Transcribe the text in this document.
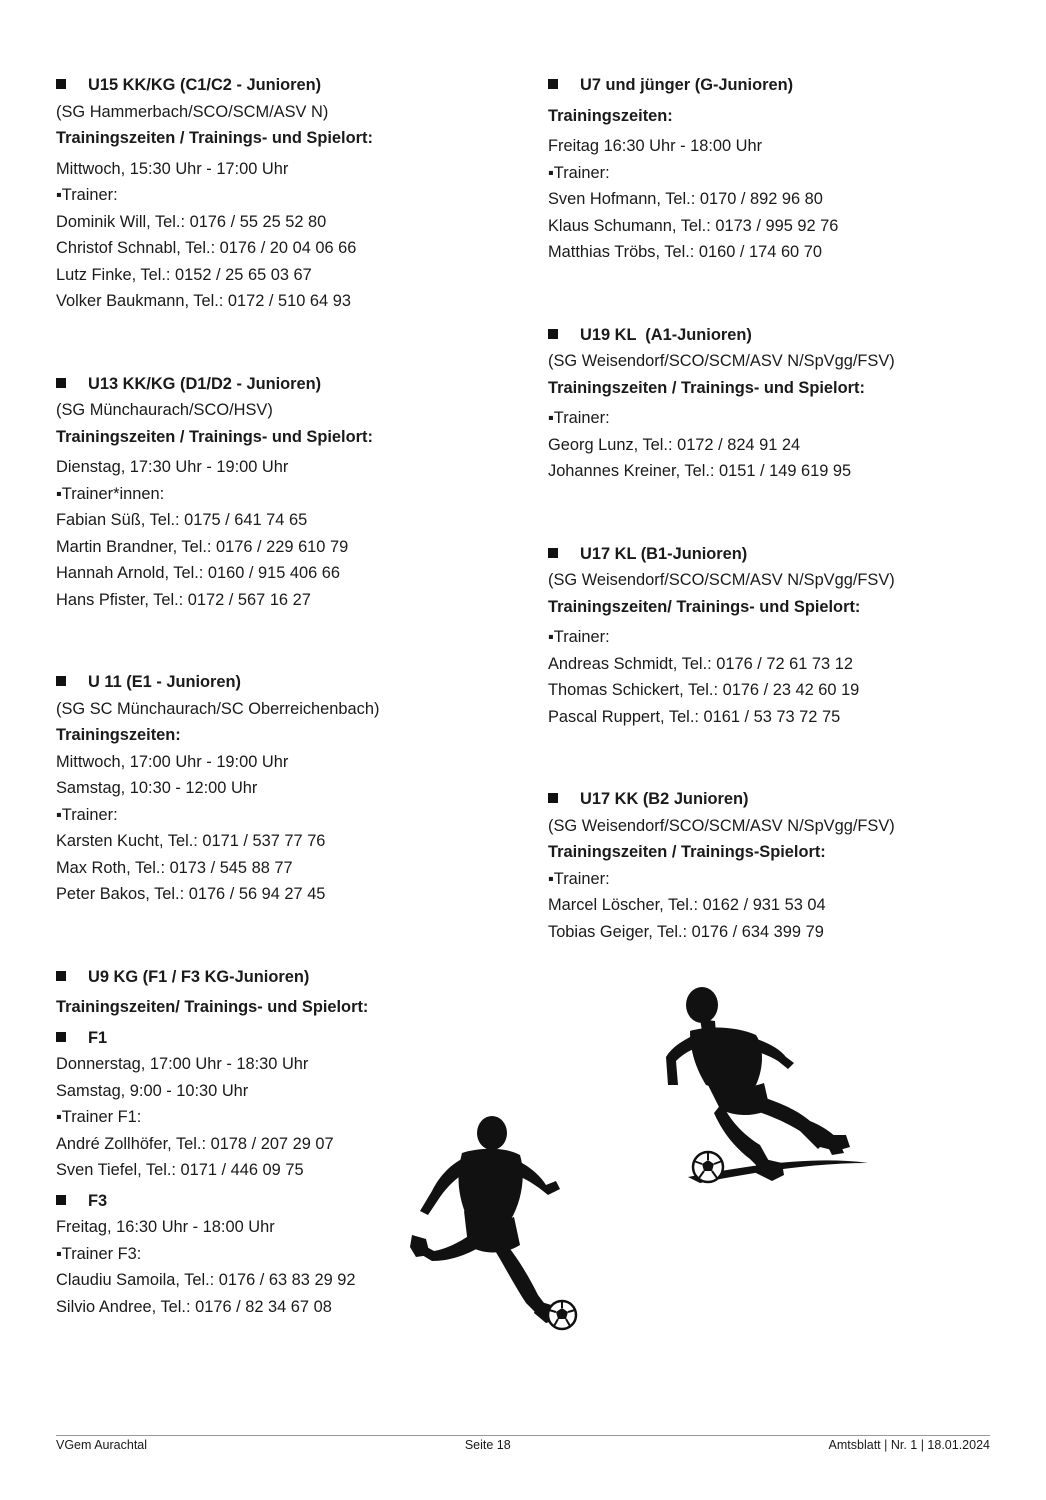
U15 KK/KG (C1/C2 - Junioren)
(SG Hammerbach/SCO/SCM/ASV N)
Trainingszeiten / Trainings- und Spielort:
Mittwoch, 15:30 Uhr - 17:00 Uhr
▪Trainer:
Dominik Will, Tel.: 0176 / 55 25 52 80
Christof Schnabl, Tel.: 0176 / 20 04 06 66
Lutz Finke, Tel.: 0152 / 25 65 03 67
Volker Baukmann, Tel.: 0172 / 510 64 93
U13 KK/KG (D1/D2 - Junioren)
(SG Münchaurach/SCO/HSV)
Trainingszeiten / Trainings- und Spielort:
Dienstag, 17:30 Uhr - 19:00 Uhr
▪Trainer*innen:
Fabian Süß, Tel.: 0175 / 641 74 65
Martin Brandner, Tel.: 0176 / 229 610 79
Hannah Arnold, Tel.: 0160 / 915 406 66
Hans Pfister, Tel.: 0172 / 567 16 27
U 11 (E1 - Junioren)
(SG SC Münchaurach/SC Oberreichenbach)
Trainingszeiten:
Mittwoch, 17:00 Uhr - 19:00 Uhr
Samstag, 10:30 - 12:00 Uhr
▪Trainer:
Karsten Kucht, Tel.: 0171 / 537 77 76
Max Roth, Tel.: 0173 / 545 88 77
Peter Bakos, Tel.: 0176 / 56 94 27 45
U9 KG (F1 / F3 KG-Junioren)
Trainingszeiten/ Trainings- und Spielort:
F1
Donnerstag, 17:00 Uhr - 18:30 Uhr
Samstag, 9:00 - 10:30 Uhr
▪Trainer F1:
André Zollhöfer, Tel.: 0178 / 207 29 07
Sven Tiefel, Tel.: 0171 / 446 09 75
F3
Freitag, 16:30 Uhr - 18:00 Uhr
▪Trainer F3:
Claudiu Samoila, Tel.: 0176 / 63 83 29 92
Silvio Andree, Tel.: 0176 / 82 34 67 08
U7 und jünger (G-Junioren)
Trainingszeiten:
Freitag 16:30 Uhr - 18:00 Uhr
▪Trainer:
Sven Hofmann, Tel.: 0170 / 892 96 80
Klaus Schumann, Tel.: 0173 / 995 92 76
Matthias Tröbs, Tel.: 0160 / 174 60 70
U19 KL  (A1-Junioren)
(SG Weisendorf/SCO/SCM/ASV N/SpVgg/FSV)
Trainingszeiten / Trainings- und Spielort:
▪Trainer:
Georg Lunz, Tel.: 0172 / 824 91 24
Johannes Kreiner, Tel.: 0151 / 149 619 95
U17 KL (B1-Junioren)
(SG Weisendorf/SCO/SCM/ASV N/SpVgg/FSV)
Trainingszeiten/ Trainings- und Spielort:
▪Trainer:
Andreas Schmidt, Tel.: 0176 / 72 61 73 12
Thomas Schickert, Tel.: 0176 / 23 42 60 19
Pascal Ruppert, Tel.: 0161 / 53 73 72 75
U17 KK (B2 Junioren)
(SG Weisendorf/SCO/SCM/ASV N/SpVgg/FSV)
Trainingszeiten / Trainings-Spielort:
▪Trainer:
Marcel Löscher, Tel.: 0162 / 931 53 04
Tobias Geiger, Tel.: 0176 / 634 399 79
VGem Aurachtal	Seite 18	Amtsblatt | Nr. 1 | 18.01.2024
